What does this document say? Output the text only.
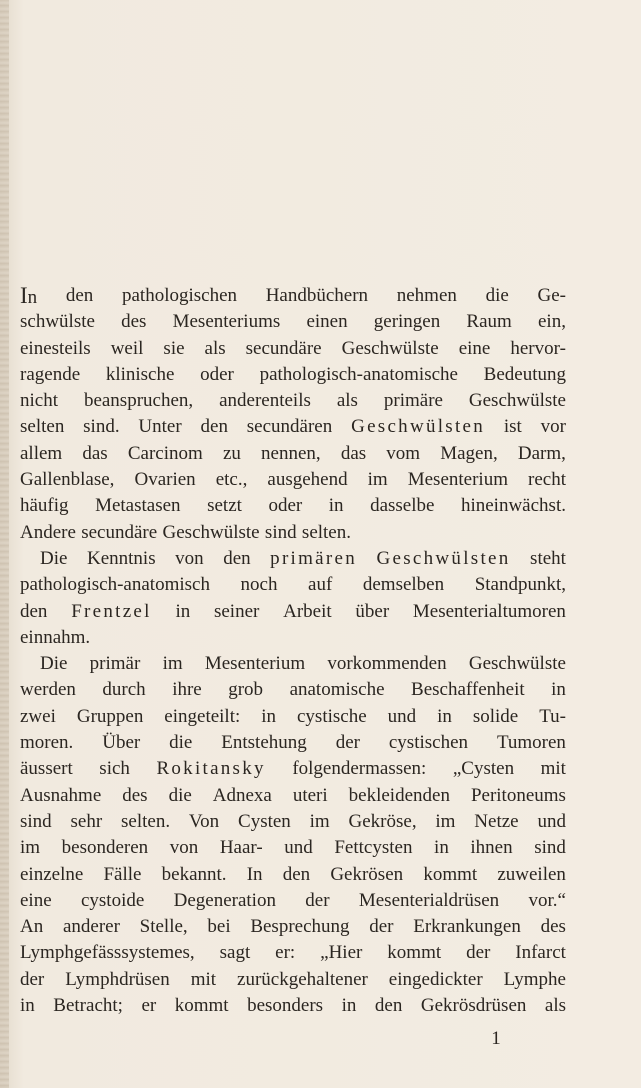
In den pathologischen Handbüchern nehmen die Ge-
schwülste des Mesenteriums einen geringen Raum ein,
einesteils weil sie als secundäre Geschwülste eine hervor-
ragende klinische oder pathologisch-anatomische Bedeutung
nicht beanspruchen, anderenteils als primäre Geschwülste
selten sind. Unter den secundären Geschwülsten ist vor
allem das Carcinom zu nennen, das vom Magen, Darm,
Gallenblase, Ovarien etc., ausgehend im Mesenterium recht
häufig Metastasen setzt oder in dasselbe hineinwächst.
Andere secundäre Geschwülste sind selten.
Die Kenntnis von den primären Geschwülsten steht
pathologisch-anatomisch noch auf demselben Standpunkt,
den Frentzel in seiner Arbeit über Mesenterialtumoren
einnahm.
Die primär im Mesenterium vorkommenden Geschwülste
werden durch ihre grob anatomische Beschaffenheit in
zwei Gruppen eingeteilt: in cystische und in solide Tu-
moren. Über die Entstehung der cystischen Tumoren
äussert sich Rokitansky folgendermassen: „Cysten mit
Ausnahme des die Adnexa uteri bekleidenden Peritoneums
sind sehr selten. Von Cysten im Gekröse, im Netze und
im besonderen von Haar- und Fettcysten in ihnen sind
einzelne Fälle bekannt. In den Gekrösen kommt zuweilen
eine cystoide Degeneration der Mesenterialdrüsen vor.“
An anderer Stelle, bei Besprechung der Erkrankungen des
Lymphgefässsystemes, sagt er: „Hier kommt der Infarct
der Lymphdrüsen mit zurückgehaltener eingedickter Lymphe
in Betracht; er kommt besonders in den Gekrösdrüsen als
1
